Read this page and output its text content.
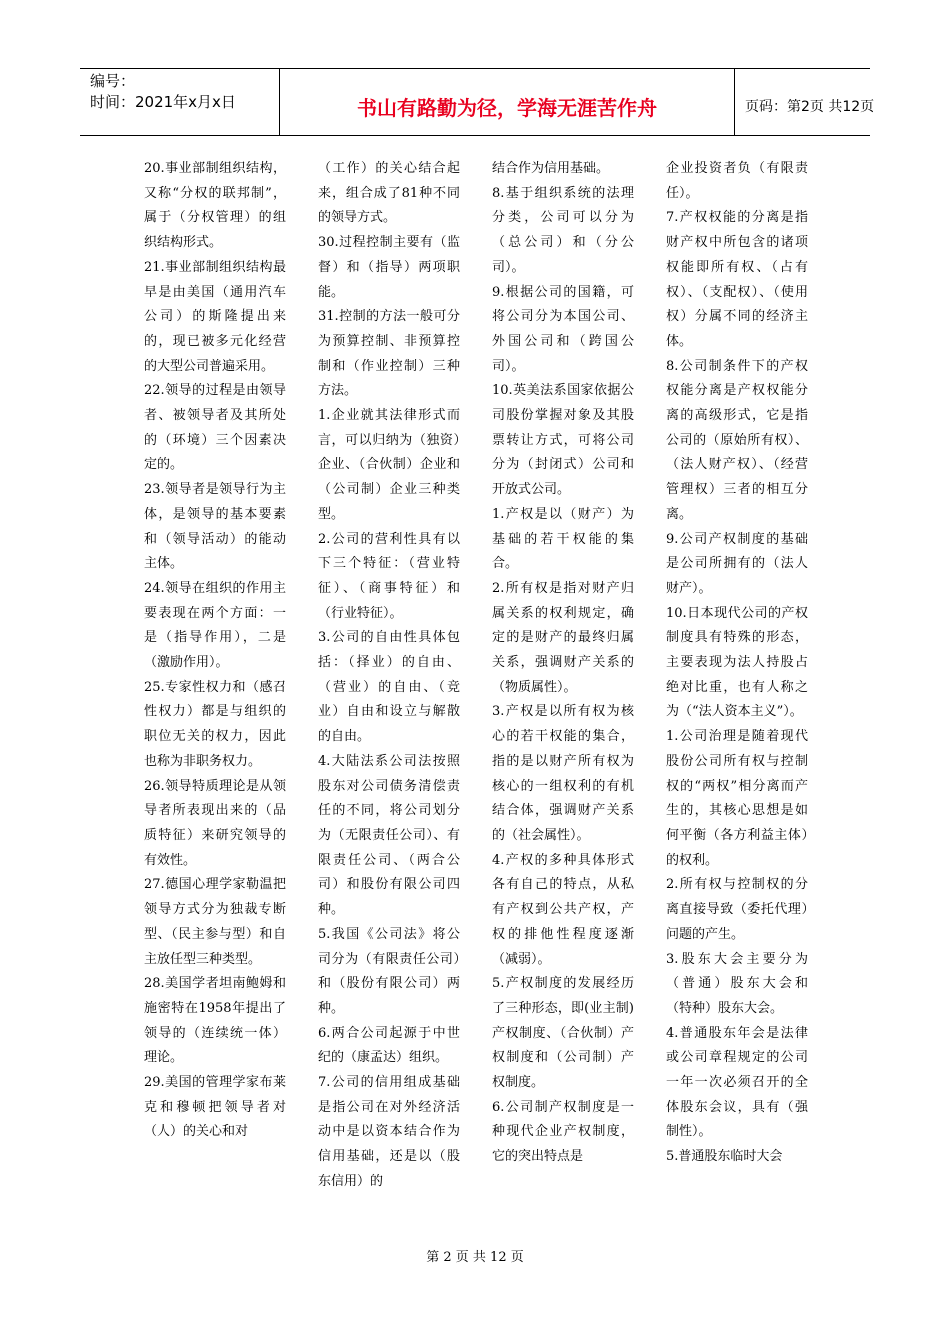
编号：
时间：2021年x月x日	书山有路勤为径，学海无涯苦作舟	页码：第2页 共12页

20.事业部制组织结构，又称“分权的联邦制”，属于（分权管理）的组织结构形式。

21.事业部制组织结构最早是由美国（通用汽车公司）的斯隆提出来的，现已被多元化经营的大型公司普遍采用。

22.领导的过程是由领导者、被领导者及其所处的（环境）三个因素决定的。

23.领导者是领导行为主体，是领导的基本要素和（领导活动）的能动主体。

24.领导在组织的作用主要表现在两个方面：一是（指导作用），二是（激励作用）。

25.专家性权力和（感召性权力）都是与组织的职位无关的权力，因此也称为非职务权力。

26.领导特质理论是从领导者所表现出来的（品质特征）来研究领导的有效性。

27.德国心理学家勒温把领导方式分为独裁专断型、（民主参与型）和自主放任型三种类型。

28.美国学者坦南鲍姆和施密特在1958年提出了领导的（连续统一体）理论。

29.美国的管理学家布莱克和穆顿把领导者对（人）的关心和对

（工作）的关心结合起来，组合成了81种不同的领导方式。

30.过程控制主要有（监督）和（指导）两项职能。

31.控制的方法一般可分为预算控制、非预算控制和（作业控制）三种方法。

1.企业就其法律形式而言，可以归纳为（独资）企业、（合伙制）企业和（公司制）企业三种类型。

2.公司的营利性具有以下三个特征：（营业特征）、（商事特征）和（行业特征）。

3.公司的自由性具体包括：（择业）的自由、（营业）的自由、（竞业）自由和设立与解散的自由。

4.大陆法系公司法按照股东对公司债务清偿责任的不同，将公司划分为（无限责任公司）、有限责任公司、（两合公司）和股份有限公司四种。

5.我国《公司法》将公司分为（有限责任公司）和（股份有限公司）两种。

6.两合公司起源于中世纪的（康孟达）组织。

7.公司的信用组成基础是指公司在对外经济活动中是以资本结合作为信用基础，还是以（股东信用）的

结合作为信用基础。

8.基于组织系统的法理分类，公司可以分为（总公司）和（分公司）。

9.根据公司的国籍，可将公司分为本国公司、外国公司和（跨国公司）。

10.英美法系国家依据公司股份掌握对象及其股票转让方式，可将公司分为（封闭式）公司和开放式公司。

1.产权是以（财产）为基础的若干权能的集合。

2.所有权是指对财产归属关系的权利规定，确定的是财产的最终归属关系，强调财产关系的（物质属性）。

3.产权是以所有权为核心的若干权能的集合，指的是以财产所有权为核心的一组权利的有机结合体，强调财产关系的（社会属性）。

4.产权的多种具体形式各有自己的特点，从私有产权到公共产权，产权的排他性程度逐渐（减弱）。

5.产权制度的发展经历了三种形态，即(业主制)产权制度、（合伙制）产权制度和（公司制）产权制度。

6.公司制产权制度是一种现代企业产权制度，它的突出特点是

企业投资者负（有限责任）。

7.产权权能的分离是指财产权中所包含的诸项权能即所有权、（占有权）、（支配权）、（使用权）分属不同的经济主体。

8.公司制条件下的产权权能分离是产权权能分离的高级形式，它是指公司的（原始所有权）、（法人财产权）、（经营管理权）三者的相互分离。

9.公司产权制度的基础是公司所拥有的（法人财产）。

10.日本现代公司的产权制度具有特殊的形态，主要表现为法人持股占绝对比重，也有人称之为（“法人资本主义”）。

1.公司治理是随着现代股份公司所有权与控制权的“两权”相分离而产生的，其核心思想是如何平衡（各方利益主体）的权利。

2.所有权与控制权的分离直接导致（委托代理）问题的产生。

3.股东大会主要分为（普通）股东大会和（特种）股东大会。

4.普通股东年会是法律或公司章程规定的公司一年一次必须召开的全体股东会议，具有（强制性）。

5.普通股东临时大会

第 2 页 共 12 页
